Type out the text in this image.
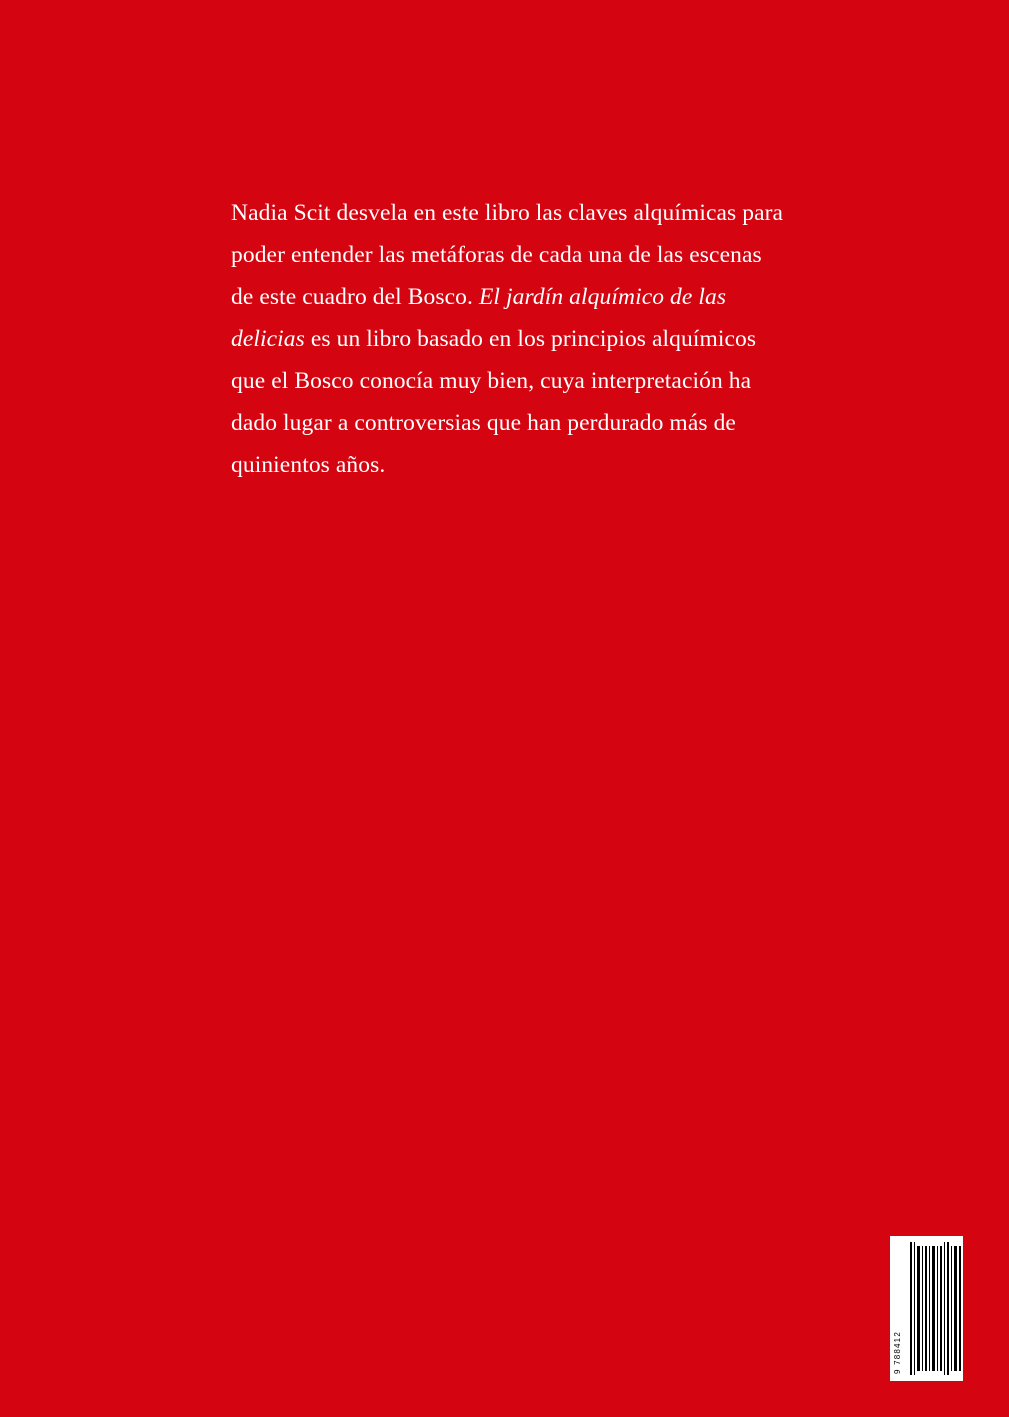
Nadia Scit desvela en este libro las claves alquímicas para poder entender las metáforas de cada una de las escenas de este cuadro del Bosco. El jardín alquímico de las delicias es un libro basado en los principios alquímicos que el Bosco conocía muy bien, cuya interpretación ha dado lugar a controversias que han perdurado más de quinientos años.
9 788412
